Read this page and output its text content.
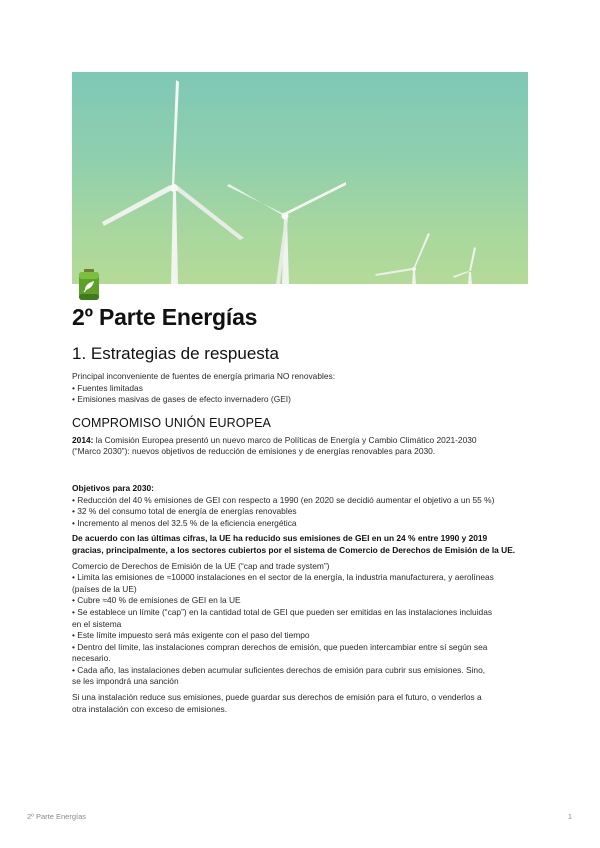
2º Parte Energías
1. Estrategias de respuesta

Principal inconveniente de fuentes de energía primaria NO renovables:

• Fuentes limitadas
• Emisiones masivas de gases de efecto invernadero (GEI)
COMPROMISO UNIÓN EUROPEA

2014: la Comisión Europea presentó un nuevo marco de Políticas de Energía y Cambio Climático 2021-2030

(“Marco 2030”): nuevos objetivos de reducción de emisiones y de energías renovables para 2030.

Objetivos para 2030:

• Reducción del 40 % emisiones de GEI con respecto a 1990 (en 2020 se decidió aumentar el objetivo a un 55 %)
• 32 % del consumo total de energía de energías renovables
• Incremento al menos del 32.5 % de la eficiencia energética

De acuerdo con las últimas cifras, la UE ha reducido sus emisiones de GEI en un 24 % entre 1990 y 2019

gracias, principalmente, a los sectores cubiertos por el sistema de Comercio de Derechos de Emisión de la UE.

Comercio de Derechos de Emisión de la UE (“cap and trade system”)

• Limita las emisiones de ≈10000 instalaciones en el sector de la energía, la industria manufacturera, y aerolíneas
(países de la UE)
• Cubre ≈40 % de emisiones de GEI en la UE
• Se establece un límite (“cap”) en la cantidad total de GEI que pueden ser emitidas en las instalaciones incluidas
en el sistema
• Este límite impuesto será más exigente con el paso del tiempo
• Dentro del límite, las instalaciones compran derechos de emisión, que pueden intercambiar entre sí según sea
necesario.
• Cada año, las instalaciones deben acumular suficientes derechos de emisión para cubrir sus emisiones. Sino,
se les impondrá una sanción

Si una instalación reduce sus emisiones, puede guardar sus derechos de emisión para el futuro, o venderlos a

otra instalación con exceso de emisiones.

2º Parte Energías	1
